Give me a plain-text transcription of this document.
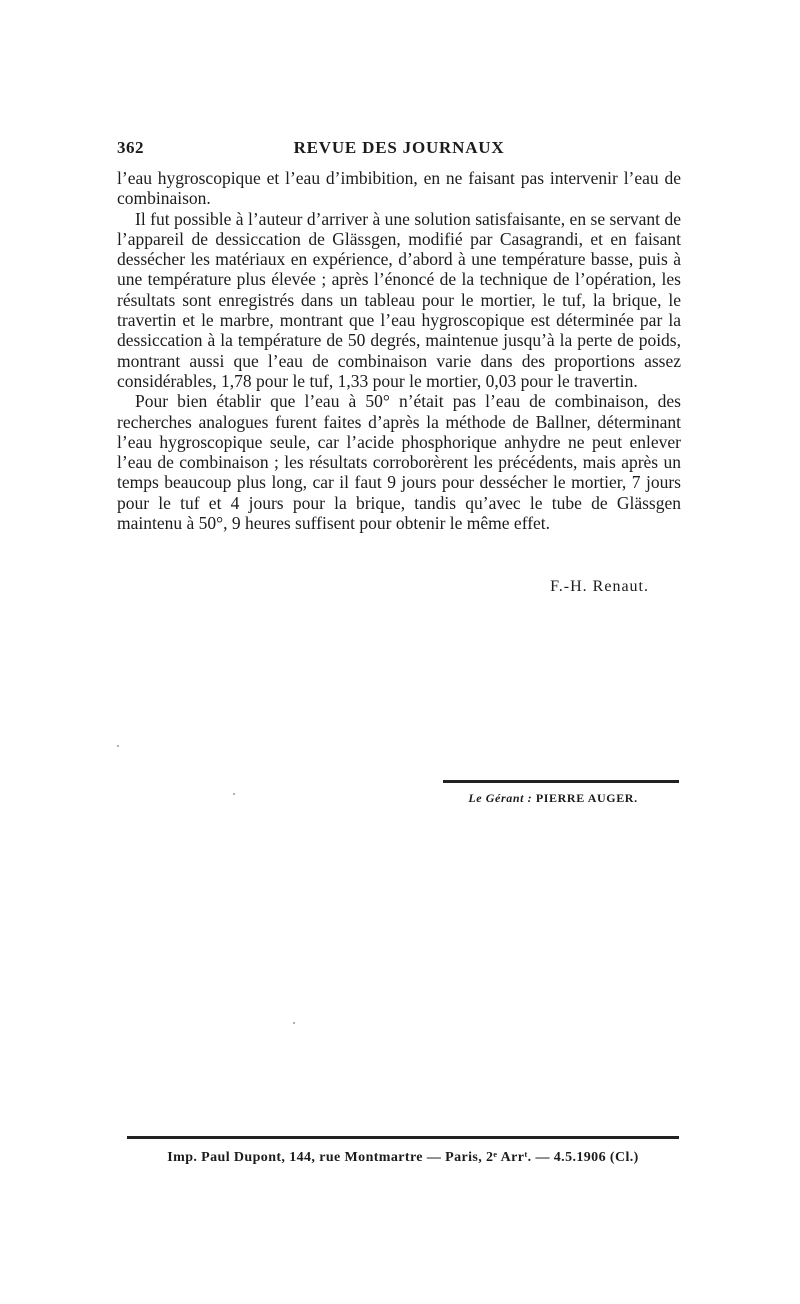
362	REVUE DES JOURNAUX

l’eau hygroscopique et l’eau d’imbibition, en ne faisant pas intervenir l’eau de combinaison.

Il fut possible à l’auteur d’arriver à une solution satisfaisante, en se servant de l’appareil de dessiccation de Glässgen, modifié par Casagrandi, et en faisant dessécher les matériaux en expérience, d’abord à une température basse, puis à une température plus élevée ; après l’énoncé de la technique de l’opération, les résultats sont enregistrés dans un tableau pour le mortier, le tuf, la brique, le travertin et le marbre, montrant que l’eau hygroscopique est déterminée par la dessiccation à la température de 50 degrés, maintenue jusqu’à la perte de poids, montrant aussi que l’eau de combinaison varie dans des proportions assez considérables, 1,78 pour le tuf, 1,33 pour le mortier, 0,03 pour le travertin.

Pour bien établir que l’eau à 50° n’était pas l’eau de combinaison, des recherches analogues furent faites d’après la méthode de Ballner, déterminant l’eau hygroscopique seule, car l’acide phosphorique anhydre ne peut enlever l’eau de combinaison ; les résultats corroborèrent les précédents, mais après un temps beaucoup plus long, car il faut 9 jours pour dessécher le mortier, 7 jours pour le tuf et 4 jours pour la brique, tandis qu’avec le tube de Glässgen maintenu à 50°, 9 heures suffisent pour obtenir le même effet.

F.-H. Renaut.
Le Gérant : PIERRE AUGER.
Imp. Paul Dupont, 144, rue Montmartre — Paris, 2ᵉ Arrᵗ. — 4.5.1906 (Cl.)
